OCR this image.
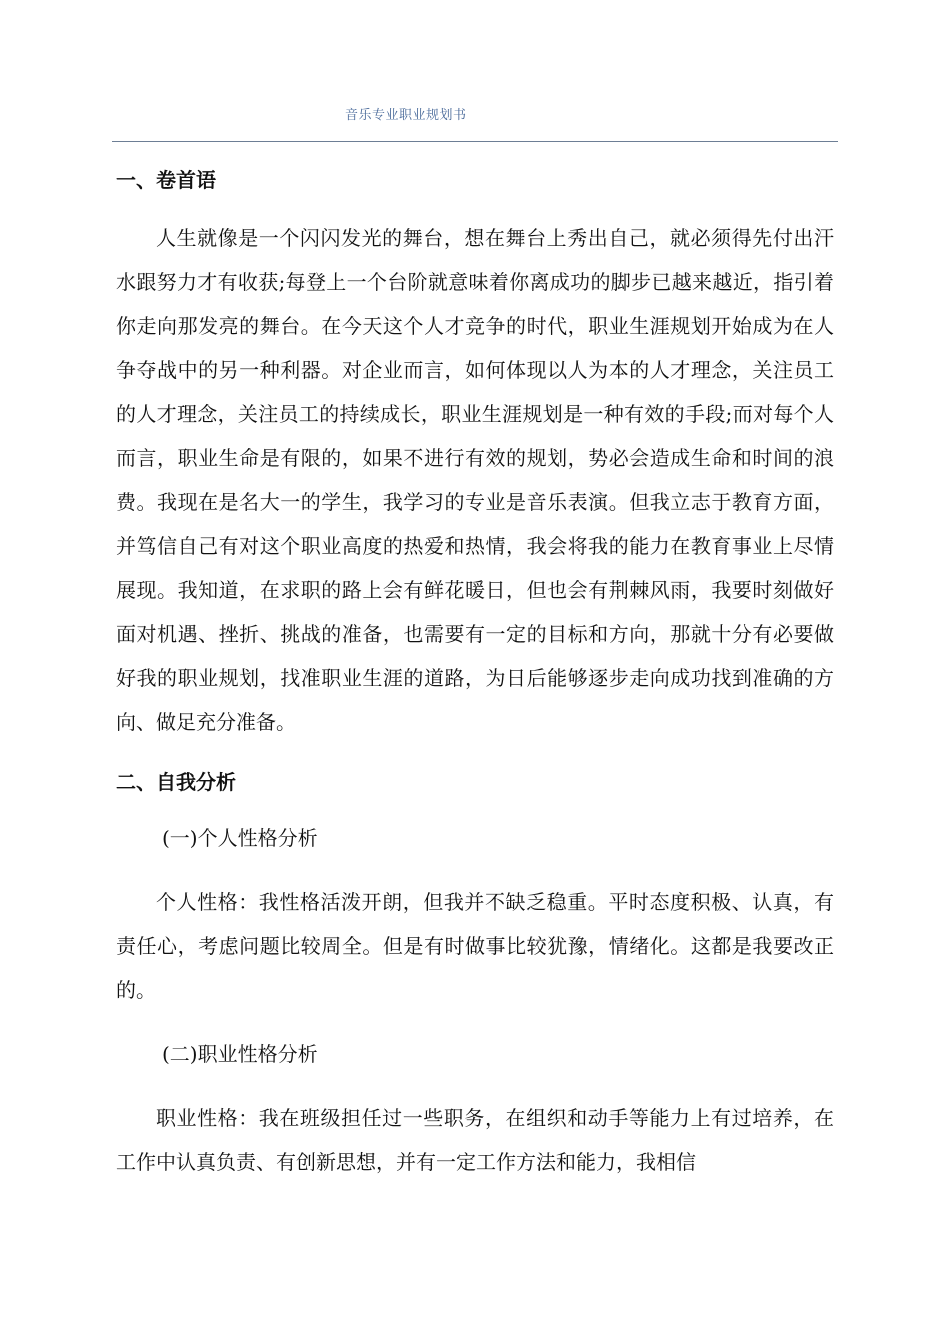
音乐专业职业规划书
一、卷首语

人生就像是一个闪闪发光的舞台，想在舞台上秀出自己，就必须得先付出汗水跟努力才有收获;每登上一个台阶就意味着你离成功的脚步已越来越近，指引着你走向那发亮的舞台。在今天这个人才竞争的时代，职业生涯规划开始成为在人争夺战中的另一种利器。对企业而言，如何体现以人为本的人才理念，关注员工的人才理念，关注员工的持续成长，职业生涯规划是一种有效的手段;而对每个人而言，职业生命是有限的，如果不进行有效的规划，势必会造成生命和时间的浪费。我现在是名大一的学生，我学习的专业是音乐表演。但我立志于教育方面，并笃信自己有对这个职业高度的热爱和热情，我会将我的能力在教育事业上尽情展现。我知道，在求职的路上会有鲜花暖日，但也会有荆棘风雨，我要时刻做好面对机遇、挫折、挑战的准备，也需要有一定的目标和方向，那就十分有必要做好我的职业规划，找准职业生涯的道路，为日后能够逐步走向成功找到准确的方向、做足充分准备。

二、自我分析
(一)个人性格分析

个人性格：我性格活泼开朗，但我并不缺乏稳重。平时态度积极、认真，有责任心，考虑问题比较周全。但是有时做事比较犹豫，情绪化。这都是我要改正的。

(二)职业性格分析

职业性格：我在班级担任过一些职务，在组织和动手等能力上有过培养，在工作中认真负责、有创新思想，并有一定工作方法和能力，我相信
